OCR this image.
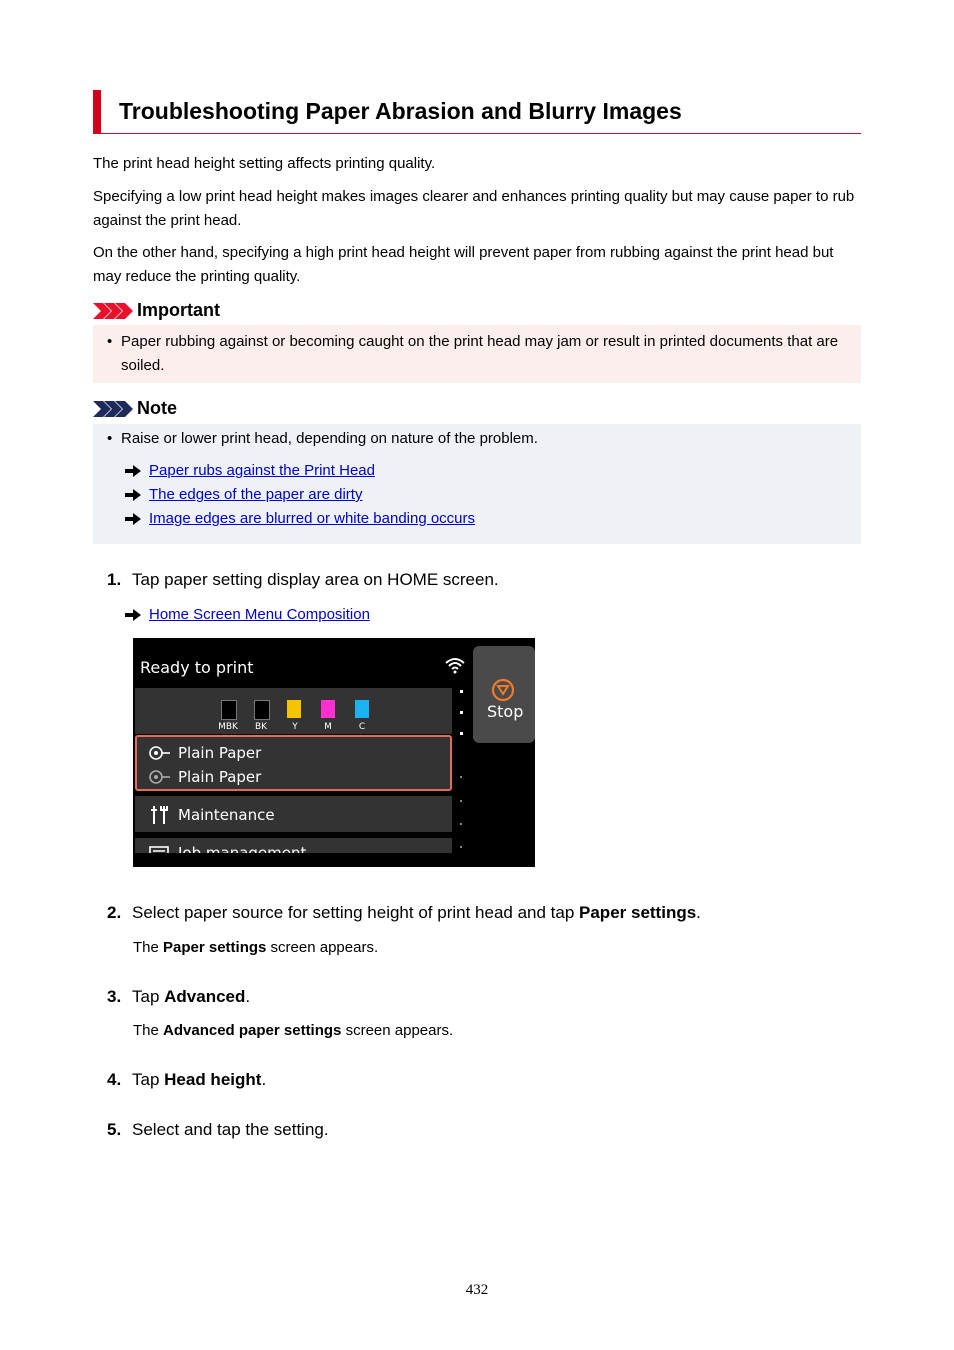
Troubleshooting Paper Abrasion and Blurry Images

The print head height setting affects printing quality.

Specifying a low print head height makes images clearer and enhances printing quality but may cause paper to rub against the print head.

On the other hand, specifying a high print head height will prevent paper from rubbing against the print head but may reduce the printing quality.

Important
• Paper rubbing against or becoming caught on the print head may jam or result in printed documents that are soiled.
Note
• Raise or lower print head, depending on nature of the problem.
Paper rubs against the Print Head
The edges of the paper are dirty
Image edges are blurred or white banding occurs
1. Tap paper setting display area on HOME screen.
Home Screen Menu Composition
2. Select paper source for setting height of print head and tap Paper settings.
The Paper settings screen appears.
3. Tap Advanced.
The Advanced paper settings screen appears.
4. Tap Head height.
5. Select and tap the setting.
Ready to print
MBK	BK	Y	M	C
Plain Paper
Plain Paper
Maintenance
Stop
432
